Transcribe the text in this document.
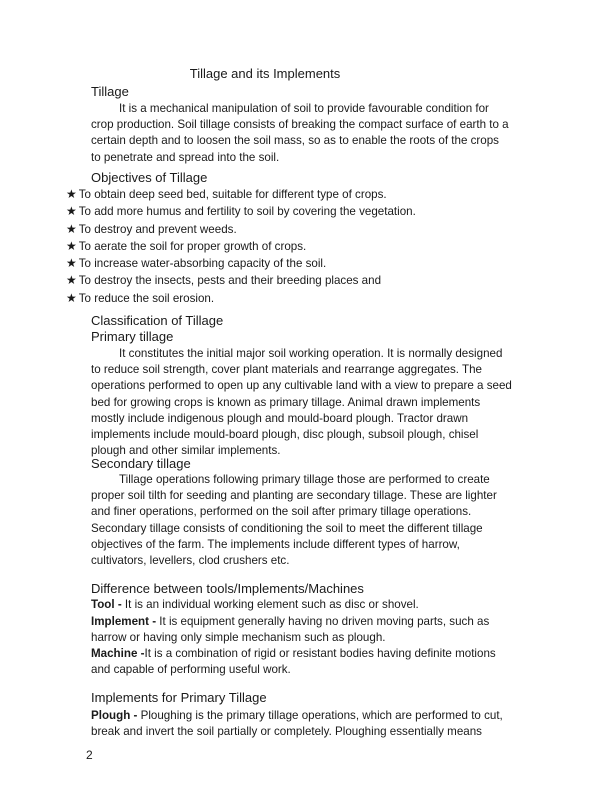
Tillage and its Implements
Tillage

It is a mechanical manipulation of soil to provide favourable condition for crop production. Soil tillage consists of breaking the compact surface of earth to a certain depth and to loosen the soil mass, so as to enable the roots of the crops to penetrate and spread into the soil.

Objectives of Tillage
★ To obtain deep seed bed, suitable for different type of crops.
★ To add more humus and fertility to soil by covering the vegetation.
★ To destroy and prevent weeds.
★ To aerate the soil for proper growth of crops.
★ To increase water-absorbing capacity of the soil.
★ To destroy the insects, pests and their breeding places and
★ To reduce the soil erosion.
Classification of Tillage
Primary tillage

It constitutes the initial major soil working operation. It is normally designed to reduce soil strength, cover plant materials and rearrange aggregates. The operations performed to open up any cultivable land with a view to prepare a seed bed for growing crops is known as primary tillage. Animal drawn implements mostly include indigenous plough and mould-board plough. Tractor drawn implements include mould-board plough, disc plough, subsoil plough, chisel plough and other similar implements.

Secondary tillage

Tillage operations following primary tillage those are performed to create proper soil tilth for seeding and planting are secondary tillage. These are lighter and finer operations, performed on the soil after primary tillage operations. Secondary tillage consists of conditioning the soil to meet the different tillage objectives of the farm. The implements include different types of harrow, cultivators, levellers, clod crushers etc.

Difference between tools/Implements/Machines

Tool - It is an individual working element such as disc or shovel.

Implement - It is equipment generally having no driven moving parts, such as harrow or having only simple mechanism such as plough.

Machine -It is a combination of rigid or resistant bodies having definite motions and capable of performing useful work.

Implements for Primary Tillage

Plough - Ploughing is the primary tillage operations, which are performed to cut, break and invert the soil partially or completely. Ploughing essentially means

2
